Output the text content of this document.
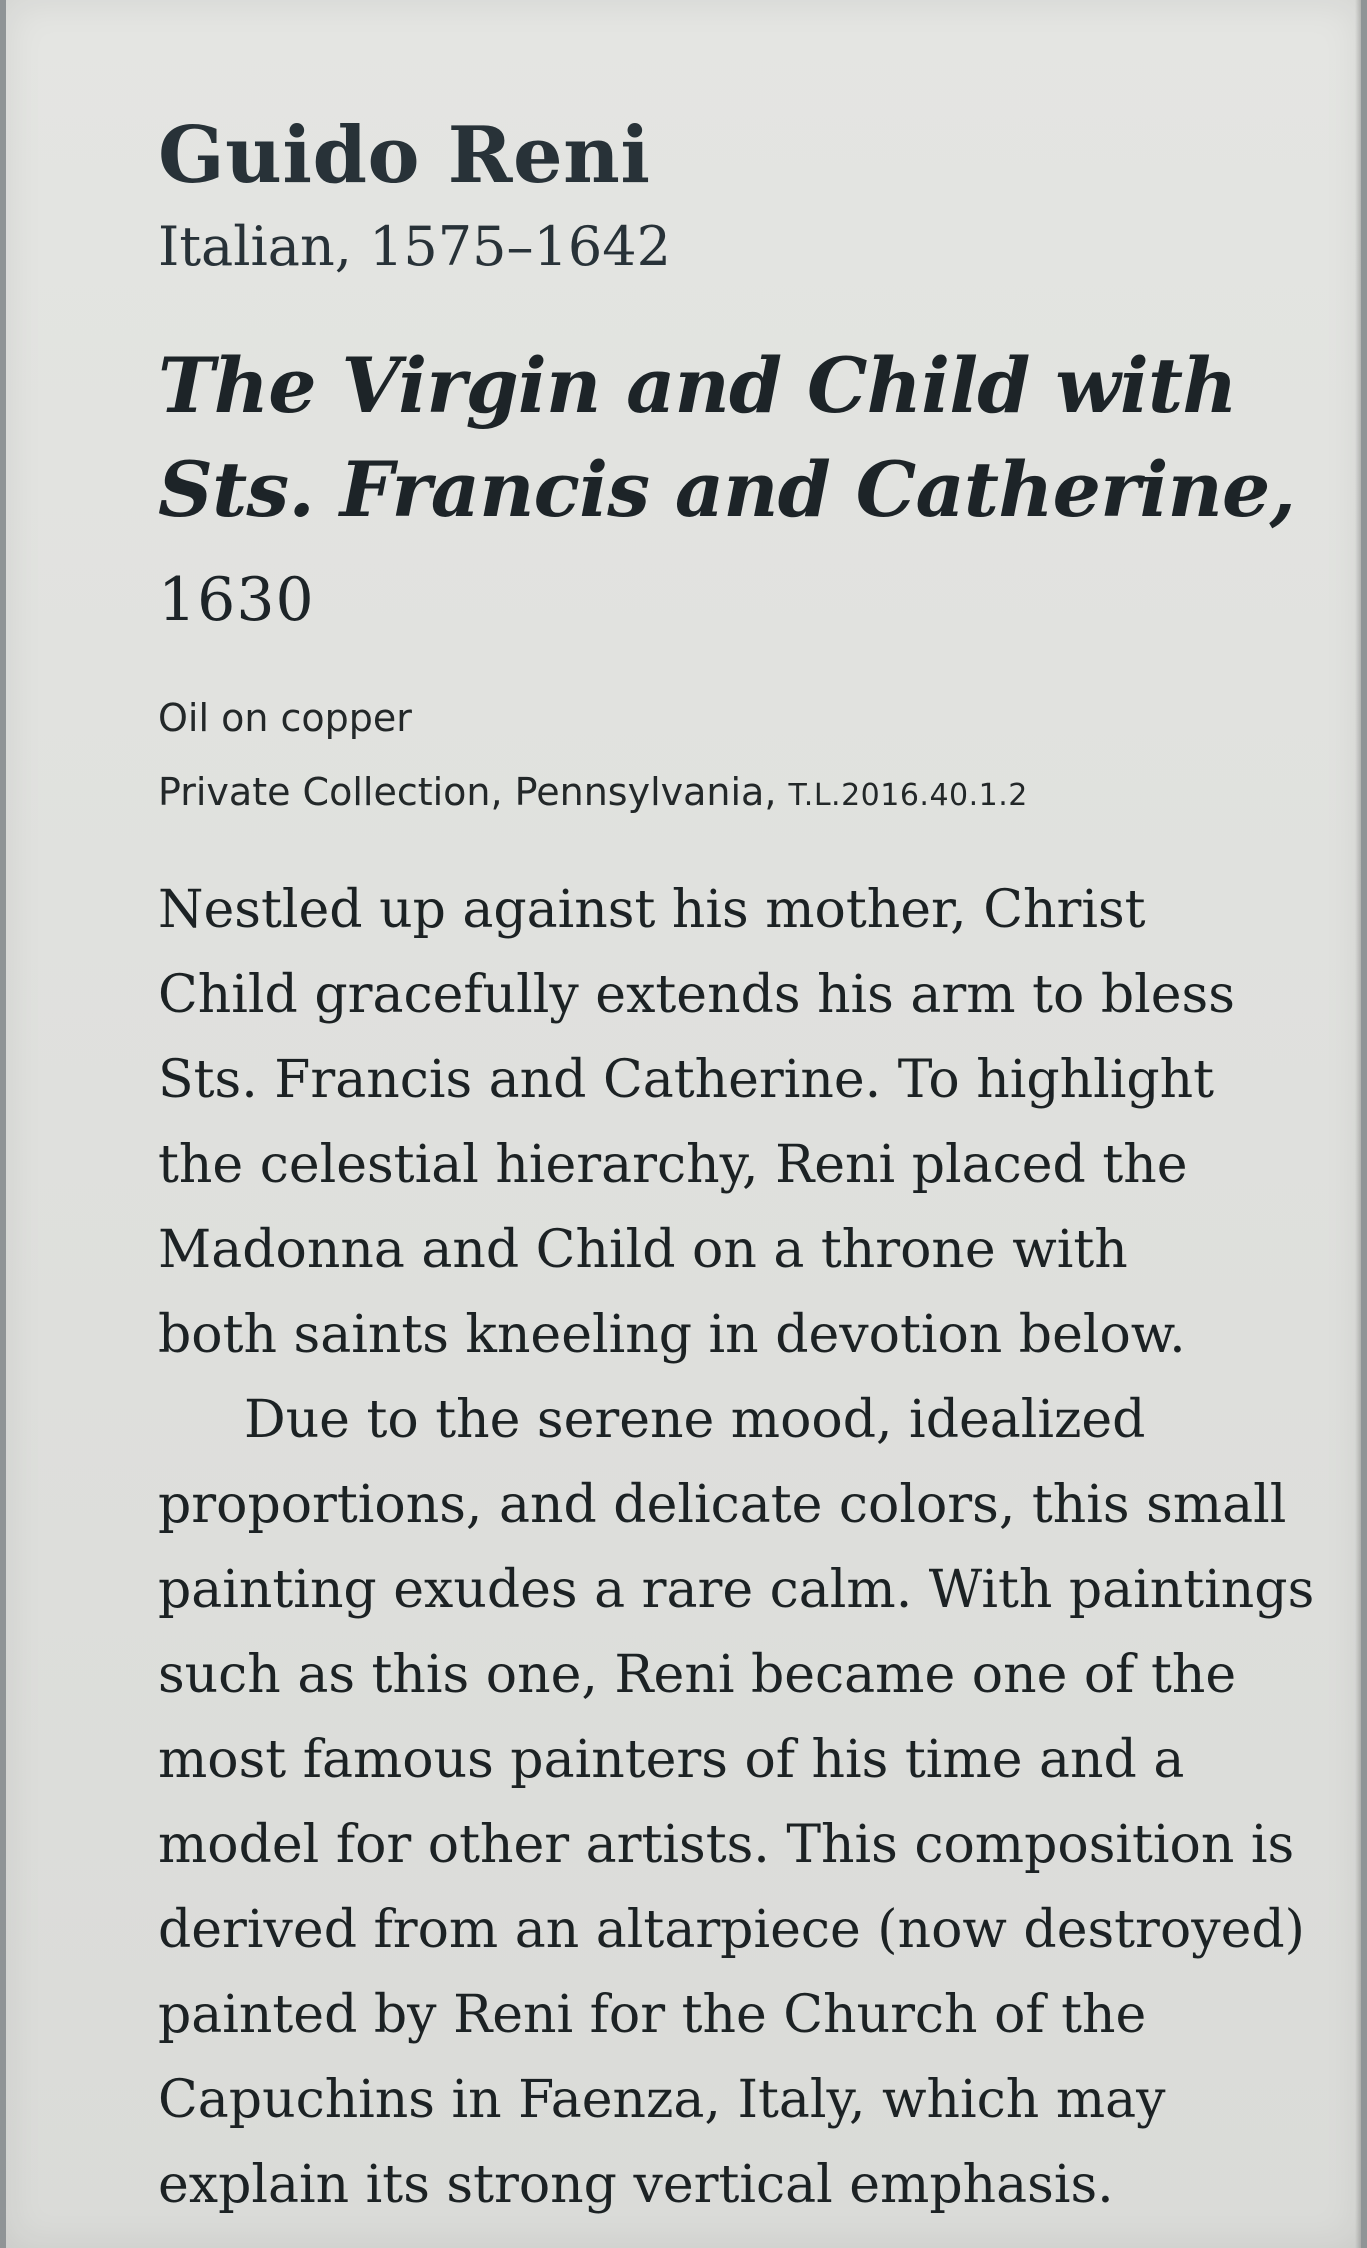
Guido Reni

Italian, 1575–1642

The Virgin and Child with
Sts. Francis and Catherine, 1630

Oil on copper

Private Collection, Pennsylvania, T.L.2016.40.1.2

Nestled up against his mother, Christ
Child gracefully extends his arm to bless
Sts. Francis and Catherine. To highlight
the celestial hierarchy, Reni placed the
Madonna and Child on a throne with
both saints kneeling in devotion below.
Due to the serene mood, idealized
proportions, and delicate colors, this small
painting exudes a rare calm. With paintings
such as this one, Reni became one of the
most famous painters of his time and a
model for other artists. This composition is
derived from an altarpiece (now destroyed)
painted by Reni for the Church of the
Capuchins in Faenza, Italy, which may
explain its strong vertical emphasis.
